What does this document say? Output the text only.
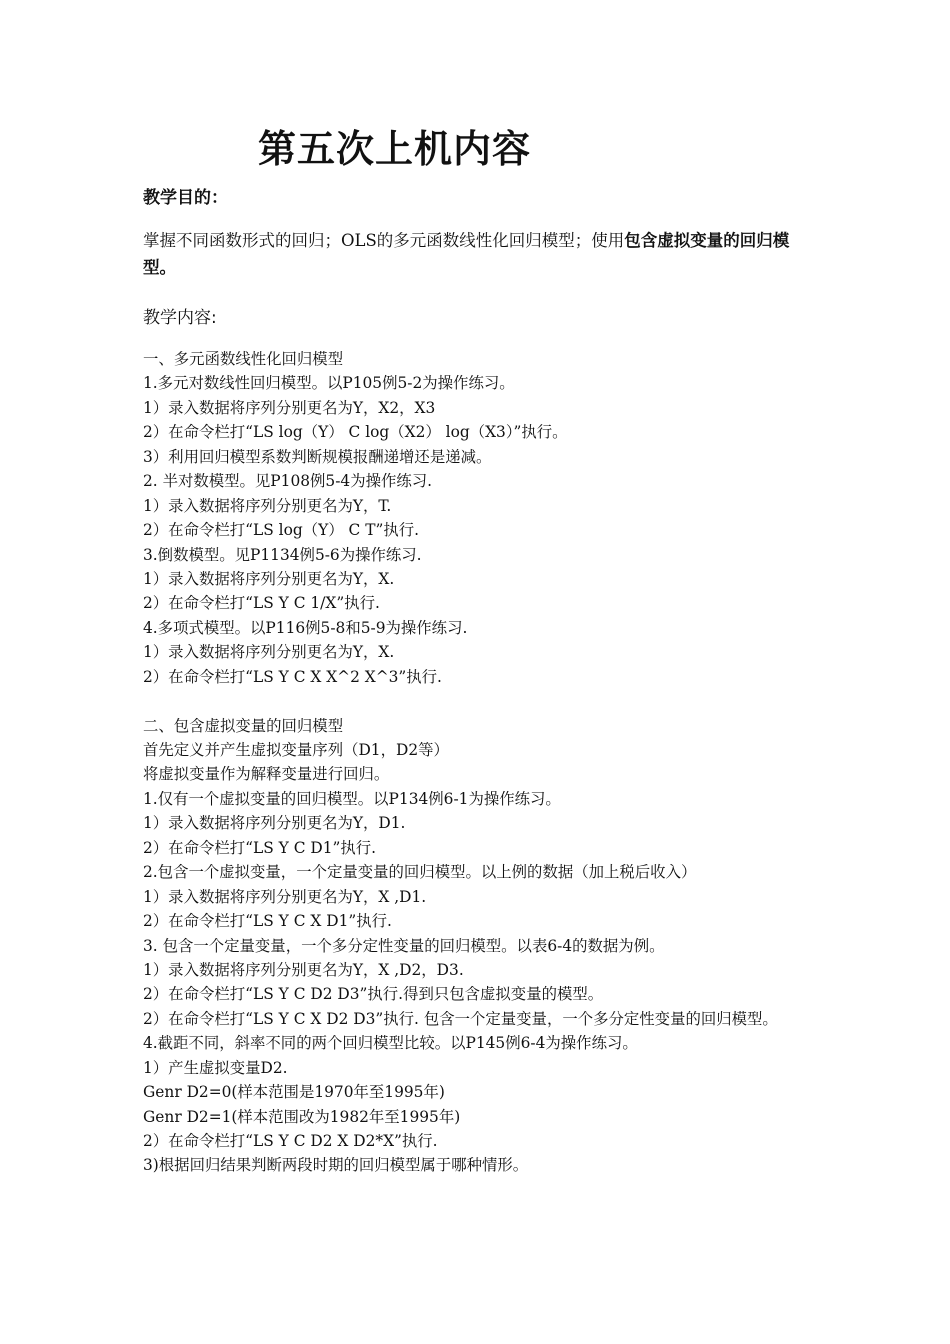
第五次上机内容

教学目的：

掌握不同函数形式的回归；OLS的多元函数线性化回归模型；使用包含虚拟变量的回归模型。

教学内容:

一、多元函数线性化回归模型
1.多元对数线性回归模型。以P105例5-2为操作练习。
1）录入数据将序列分别更名为Y，X2，X3
2）在命令栏打“LS log（Y） C log（X2） log（X3）”执行。
3）利用回归模型系数判断规模报酬递增还是递减。
2. 半对数模型。见P108例5-4为操作练习.
1）录入数据将序列分别更名为Y，T.
2）在命令栏打“LS log（Y） C T”执行.
3.倒数模型。见P1134例5-6为操作练习.
1）录入数据将序列分别更名为Y，X.
2）在命令栏打“LS Y C 1/X”执行.
4.多项式模型。以P116例5-8和5-9为操作练习.
1）录入数据将序列分别更名为Y，X.
2）在命令栏打“LS Y C X X^2 X^3”执行.
二、包含虚拟变量的回归模型
首先定义并产生虚拟变量序列（D1，D2等）
将虚拟变量作为解释变量进行回归。
1.仅有一个虚拟变量的回归模型。以P134例6-1为操作练习。
1）录入数据将序列分别更名为Y，D1.
2）在命令栏打“LS Y C D1”执行.
2.包含一个虚拟变量，一个定量变量的回归模型。以上例的数据（加上税后收入）
1）录入数据将序列分别更名为Y，X ,D1.
2）在命令栏打“LS Y C X D1”执行.
3. 包含一个定量变量，一个多分定性变量的回归模型。以表6-4的数据为例。
1）录入数据将序列分别更名为Y，X ,D2，D3.
2）在命令栏打“LS Y C D2 D3”执行.得到只包含虚拟变量的模型。
2）在命令栏打“LS Y C X D2 D3”执行. 包含一个定量变量，一个多分定性变量的回归模型。
4.截距不同，斜率不同的两个回归模型比较。以P145例6-4为操作练习。
1）产生虚拟变量D2.
Genr D2=0(样本范围是1970年至1995年)
Genr D2=1(样本范围改为1982年至1995年)
2）在命令栏打“LS Y C D2 X D2*X”执行.
3)根据回归结果判断两段时期的回归模型属于哪种情形。
